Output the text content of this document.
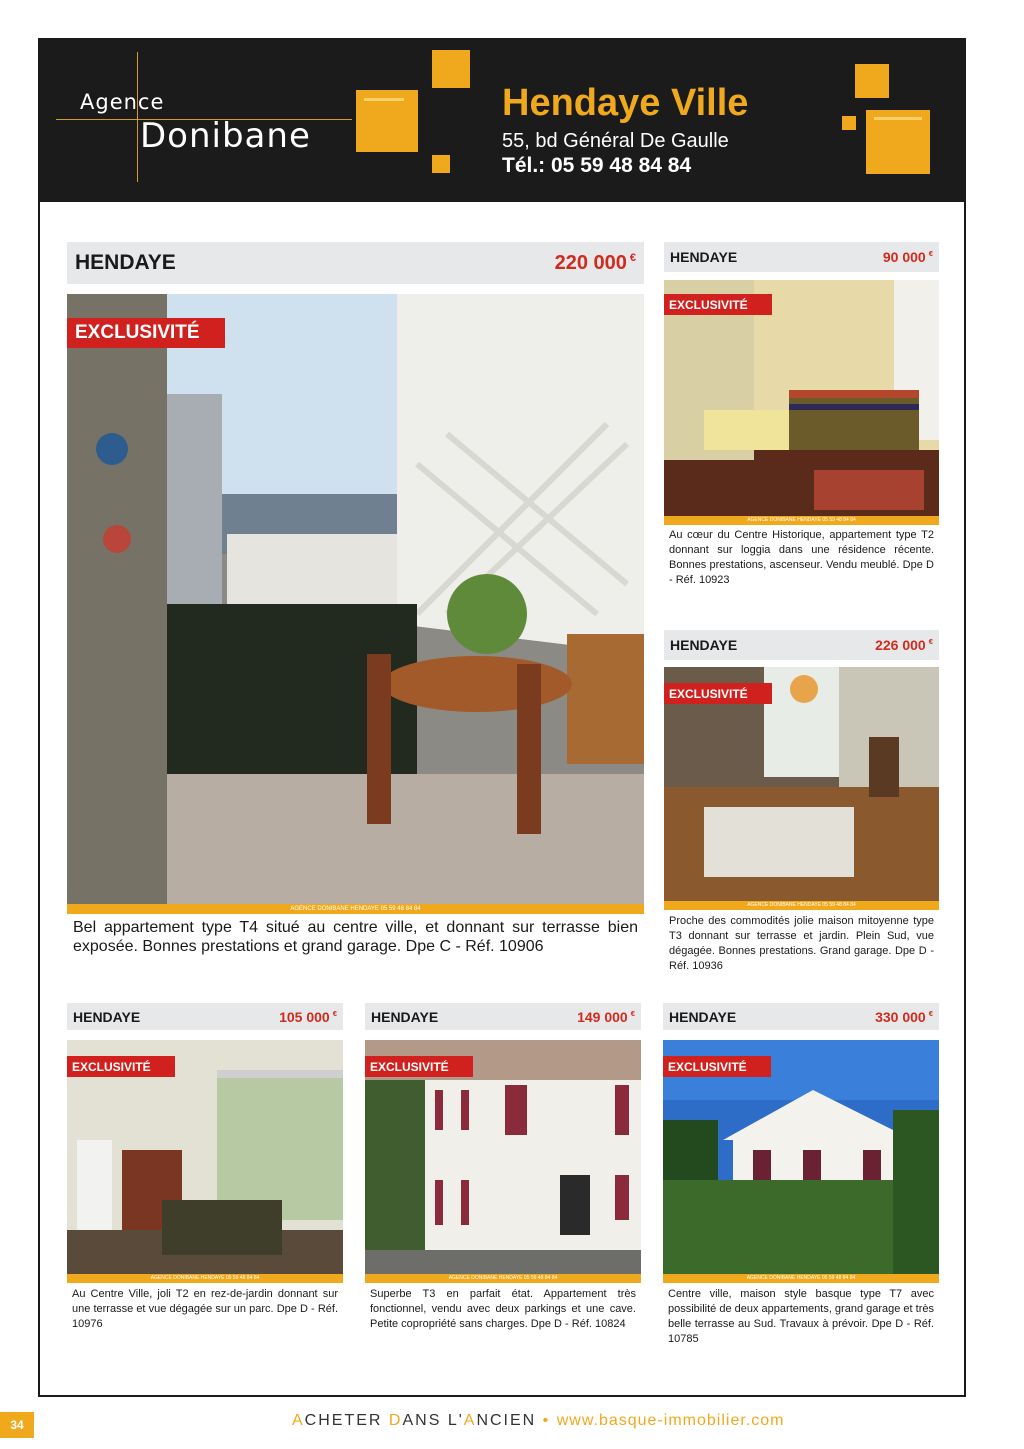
Agence
Donibane
Hendaye Ville
55, bd Général De Gaulle
Tél.: 05 59 48 84 84
HENDAYE	220 000 €
EXCLUSIVITÉ
AGENCE DONIBANE HENDAYE 05 59 48 84 84
Bel appartement type T4 situé au centre ville, et donnant sur terrasse bien exposée. Bonnes prestations et grand garage. Dpe C - Réf. 10906
HENDAYE	90 000 €
EXCLUSIVITÉ
AGENCE DONIBANE HENDAYE 05 59 48 84 84
Au cœur du Centre Historique, appartement type T2 donnant sur loggia dans une résidence récente. Bonnes prestations, ascenseur. Vendu meublé. Dpe D - Réf. 10923
HENDAYE	226 000 €
EXCLUSIVITÉ
AGENCE DONIBANE HENDAYE 05 59 48 84 84
Proche des commodités jolie maison mitoyenne type T3 donnant sur terrasse et jardin. Plein Sud, vue dégagée. Bonnes prestations. Grand garage. Dpe D - Réf. 10936
HENDAYE	105 000 €
EXCLUSIVITÉ
AGENCE DONIBANE HENDAYE 05 59 48 84 84
Au Centre Ville, joli T2 en rez-de-jardin donnant sur une terrasse et vue dégagée sur un parc. Dpe D - Réf. 10976
HENDAYE	149 000 €
EXCLUSIVITÉ
AGENCE DONIBANE HENDAYE 05 59 48 84 84
Superbe T3 en parfait état. Appartement très fonctionnel, vendu avec deux parkings et une cave. Petite copropriété sans charges. Dpe D - Réf. 10824
HENDAYE	330 000 €
EXCLUSIVITÉ
AGENCE DONIBANE HENDAYE 05 59 48 84 84
Centre ville, maison style basque type T7 avec possibilité de deux appartements, grand garage et très belle terrasse au Sud. Travaux à prévoir. Dpe D - Réf. 10785
34	ACHETER DANS L'ANCIEN • www.basque-immobilier.com
